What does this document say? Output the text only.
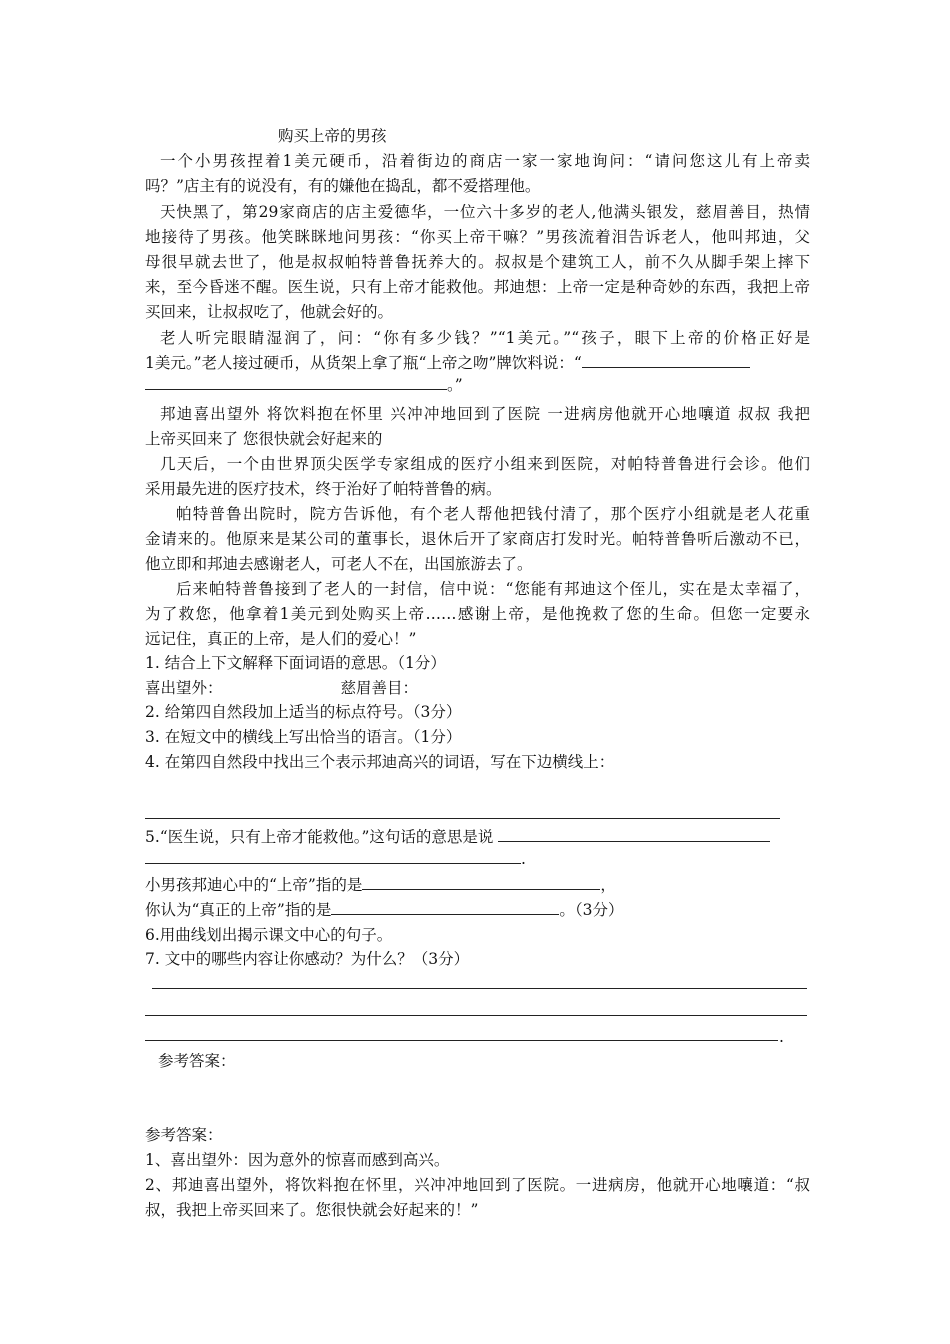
购买上帝的男孩
一个小男孩捏着1美元硬币，沿着街边的商店一家一家地询问：“请问您这儿有上帝卖
吗？”店主有的说没有，有的嫌他在捣乱，都不爱搭理他。
天快黑了，第29家商店的店主爱德华，一位六十多岁的老人,他满头银发，慈眉善目，热情
地接待了男孩。他笑眯眯地问男孩：“你买上帝干嘛？”男孩流着泪告诉老人，他叫邦迪，父
母很早就去世了，他是叔叔帕特普鲁抚养大的。叔叔是个建筑工人，前不久从脚手架上摔下
来，至今昏迷不醒。医生说，只有上帝才能救他。邦迪想：上帝一定是种奇妙的东西，我把上帝
买回来，让叔叔吃了，他就会好的。
老人听完眼睛湿润了，问：“你有多少钱？”“1美元。”“孩子，眼下上帝的价格正好是
1美元。”老人接过硬币，从货架上拿了瓶“上帝之吻”牌饮料说：“
。”
邦迪喜出望外 将饮料抱在怀里 兴冲冲地回到了医院 一进病房他就开心地嚷道 叔叔 我把
上帝买回来了 您很快就会好起来的
几天后，一个由世界顶尖医学专家组成的医疗小组来到医院，对帕特普鲁进行会诊。他们
采用最先进的医疗技术，终于治好了帕特普鲁的病。
帕特普鲁出院时，院方告诉他，有个老人帮他把钱付清了，那个医疗小组就是老人花重
金请来的。他原来是某公司的董事长，退休后开了家商店打发时光。帕特普鲁听后激动不已，
他立即和邦迪去感谢老人，可老人不在，出国旅游去了。
后来帕特普鲁接到了老人的一封信，信中说：“您能有邦迪这个侄儿，实在是太幸福了，
为了救您，他拿着1美元到处购买上帝……感谢上帝，是他挽救了您的生命。但您一定要永
远记住，真正的上帝，是人们的爱心！”
1. 结合上下文解释下面词语的意思。（1分）
喜出望外：	慈眉善目：
2. 给第四自然段加上适当的标点符号。（3分）
3. 在短文中的横线上写出恰当的语言。（1分）
4. 在第四自然段中找出三个表示邦迪高兴的词语，写在下边横线上：
5.“医生说，只有上帝才能救他。”这句话的意思是说
.
小男孩邦迪心中的“上帝”指的是	，
你认为“真正的上帝”指的是	。（3分）
6.用曲线划出揭示课文中心的句子。
7. 文中的哪些内容让你感动？为什么？（3分）
.
参考答案：
参考答案：
1、喜出望外：因为意外的惊喜而感到高兴。
2、邦迪喜出望外，将饮料抱在怀里，兴冲冲地回到了医院。一进病房，他就开心地嚷道：“叔
叔，我把上帝买回来了。您很快就会好起来的！”
